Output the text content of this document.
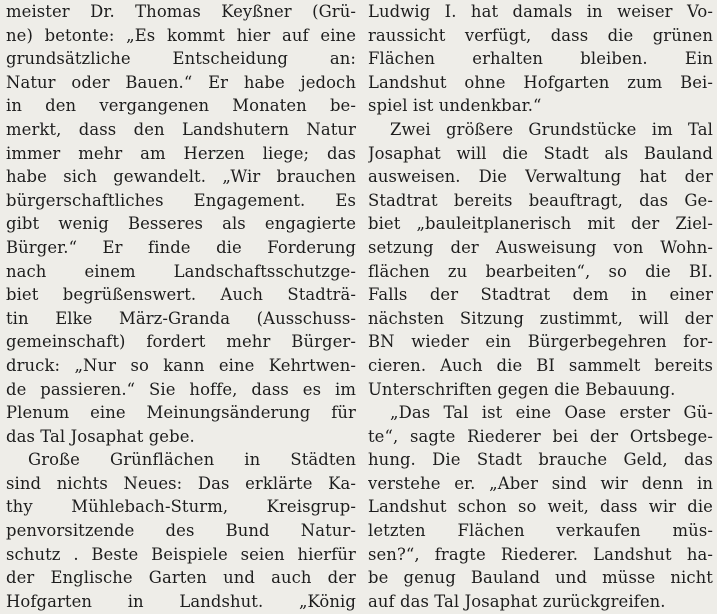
meister Dr. Thomas Keyßner (Grü-
ne) betonte: „Es kommt hier auf eine
grundsätzliche Entscheidung an:
Natur oder Bauen.“ Er habe jedoch
in den vergangenen Monaten be-
merkt, dass den Landshutern Natur
immer mehr am Herzen liege; das
habe sich gewandelt. „Wir brauchen
bürgerschaftliches Engagement. Es
gibt wenig Besseres als engagierte
Bürger.“ Er finde die Forderung
nach einem Landschaftsschutzge-
biet begrüßenswert. Auch Stadträ-
tin Elke März-Granda (Ausschuss-
gemeinschaft) fordert mehr Bürger-
druck: „Nur so kann eine Kehrtwen-
de passieren.“ Sie hoffe, dass es im
Plenum eine Meinungsänderung für
das Tal Josaphat gebe.
Große Grünflächen in Städten
sind nichts Neues: Das erklärte Ka-
thy Mühlebach-Sturm, Kreisgrup-
penvorsitzende des Bund Natur-
schutz . Beste Beispiele seien hierfür
der Englische Garten und auch der
Hofgarten in Landshut. „König
Ludwig I. hat damals in weiser Vo-
raussicht verfügt, dass die grünen
Flächen erhalten bleiben. Ein
Landshut ohne Hofgarten zum Bei-
spiel ist undenkbar.“
Zwei größere Grundstücke im Tal
Josaphat will die Stadt als Bauland
ausweisen. Die Verwaltung hat der
Stadtrat bereits beauftragt, das Ge-
biet „bauleitplanerisch mit der Ziel-
setzung der Ausweisung von Wohn-
flächen zu bearbeiten“, so die BI.
Falls der Stadtrat dem in einer
nächsten Sitzung zustimmt, will der
BN wieder ein Bürgerbegehren for-
cieren. Auch die BI sammelt bereits
Unterschriften gegen die Bebauung.
„Das Tal ist eine Oase erster Gü-
te“, sagte Riederer bei der Ortsbege-
hung. Die Stadt brauche Geld, das
verstehe er. „Aber sind wir denn in
Landshut schon so weit, dass wir die
letzten Flächen verkaufen müs-
sen?“, fragte Riederer. Landshut ha-
be genug Bauland und müsse nicht
auf das Tal Josaphat zurückgreifen.
